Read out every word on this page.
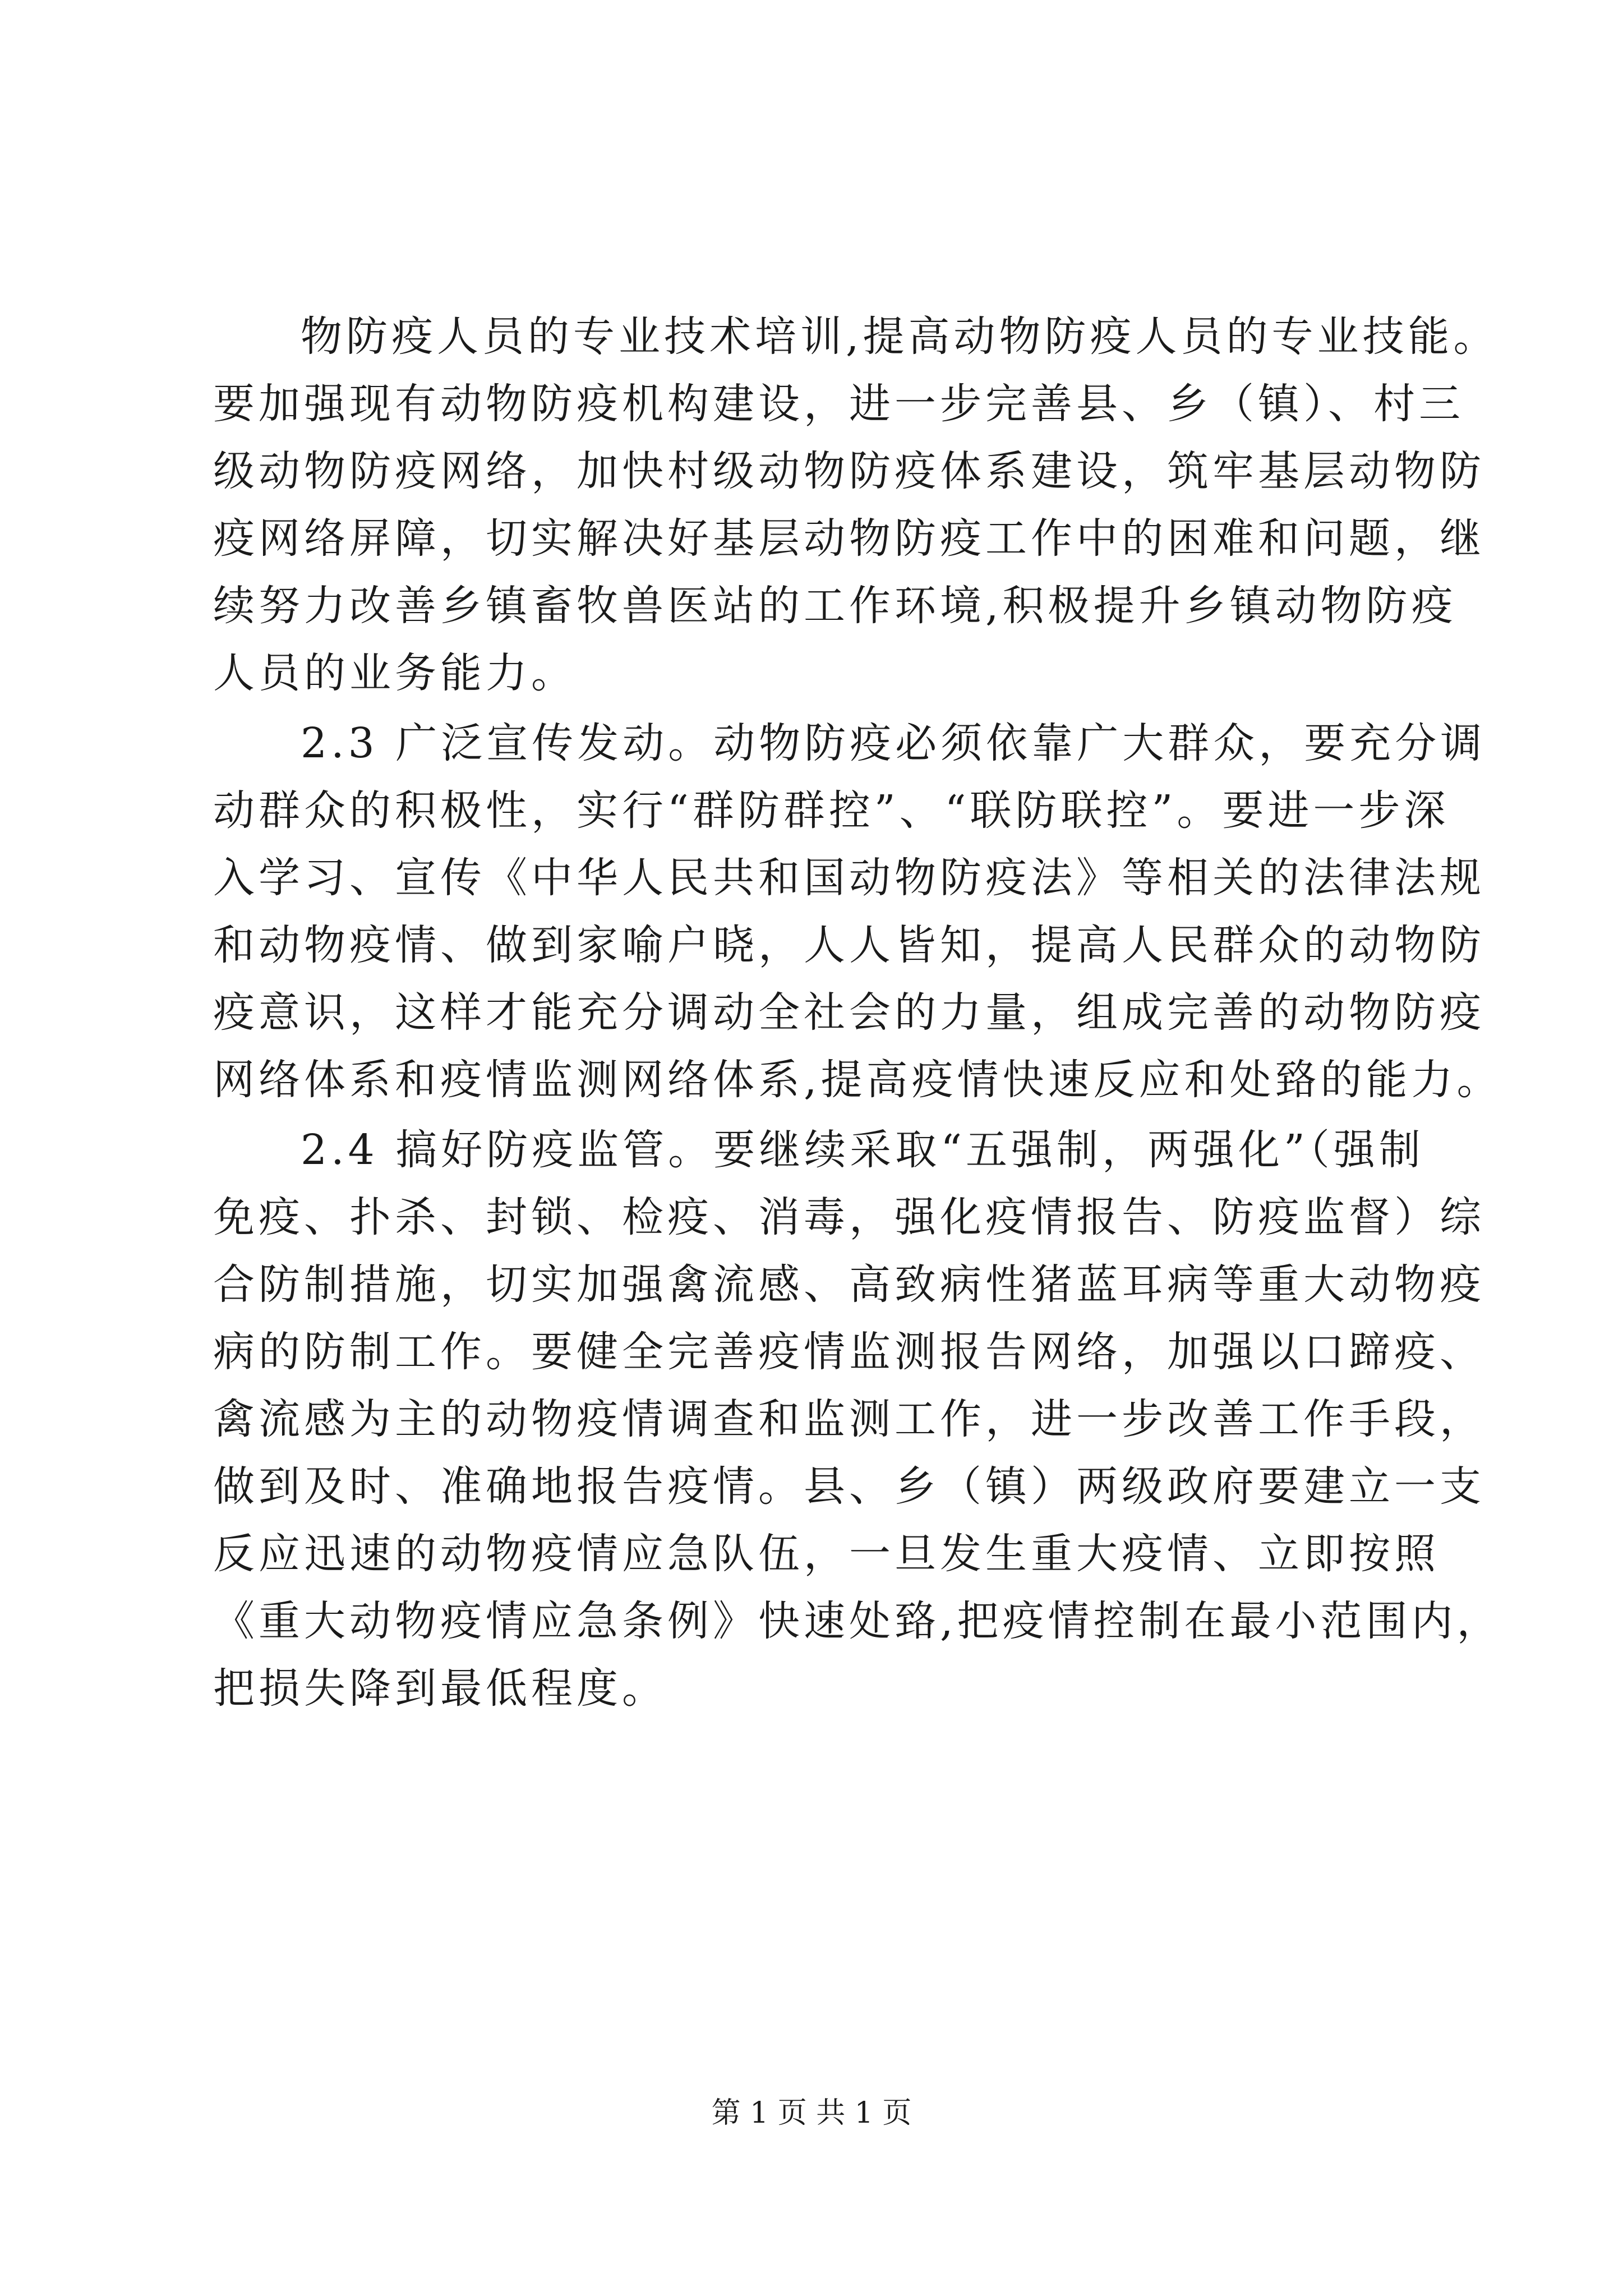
物防疫人员的专业技术培训,提高动物防疫人员的专业技能。
要加强现有动物防疫机构建设，进一步完善县、乡（镇）、村三
级动物防疫网络，加快村级动物防疫体系建设，筑牢基层动物防
疫网络屏障，切实解决好基层动物防疫工作中的困难和问题，继
续努力改善乡镇畜牧兽医站的工作环境,积极提升乡镇动物防疫
人员的业务能力。
2.3 广泛宣传发动。动物防疫必须依靠广大群众，要充分调
动群众的积极性，实行“群防群控”、“联防联控”。要进一步深
入学习、宣传《中华人民共和国动物防疫法》等相关的法律法规
和动物疫情、做到家喻户晓，人人皆知，提高人民群众的动物防
疫意识，这样才能充分调动全社会的力量，组成完善的动物防疫
网络体系和疫情监测网络体系,提高疫情快速反应和处臵的能力。
2.4 搞好防疫监管。要继续采取“五强制，两强化”（强制
免疫、扑杀、封锁、检疫、消毒，强化疫情报告、防疫监督）综
合防制措施，切实加强禽流感、高致病性猪蓝耳病等重大动物疫
病的防制工作。要健全完善疫情监测报告网络，加强以口蹄疫、
禽流感为主的动物疫情调查和监测工作，进一步改善工作手段，
做到及时、准确地报告疫情。县、乡（镇）两级政府要建立一支
反应迅速的动物疫情应急队伍，一旦发生重大疫情、立即按照
《重大动物疫情应急条例》快速处臵,把疫情控制在最小范围内，
把损失降到最低程度。
第 1 页 共 1 页
